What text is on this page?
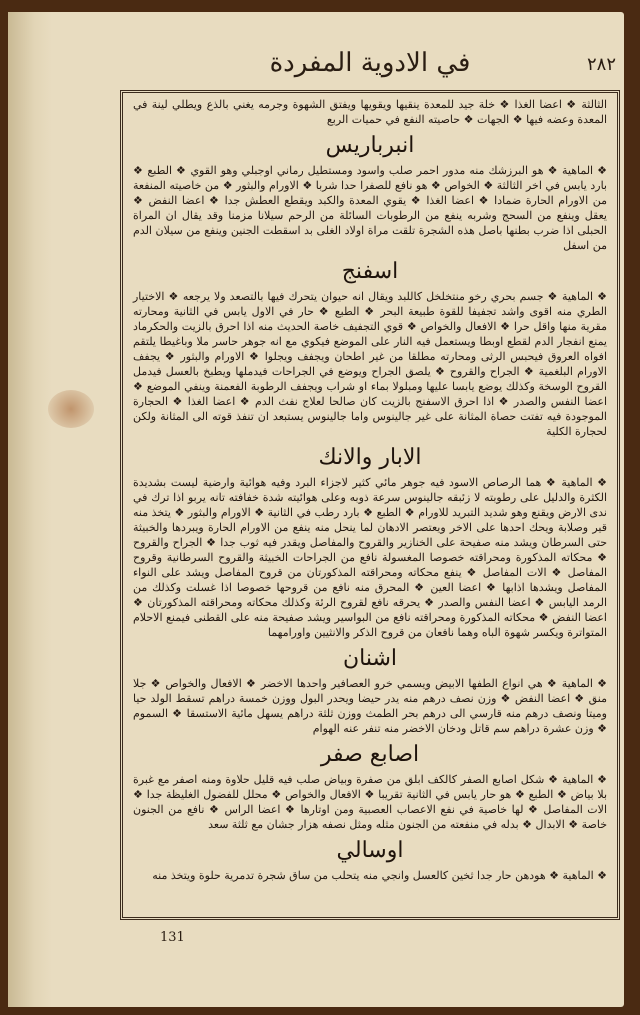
في الادوية المفردة	٢٨٢

الثالثة ❖ اعضا الغذا ❖ خلة جيد للمعدة ينقيها ويقويها ويفتق الشهوة وجرمه يغني بالذع ويطلي لينة في المعدة وعضه فيها ❖ الجهات ❖ حاصيته النفع في حميات الربع

انبرباريس

❖ الماهية ❖ هو البرزشك منه مدور احمر صلب واسود ومستطيل رماني اوجبلي وهو القوي ❖ الطبع ❖ بارد يابس في اخر الثالثة ❖ الخواص ❖ هو نافع للصفرا حدا شربا ❖ الاورام والبثور ❖ من خاصيته المنفعة من الاورام الحارة ضمادا ❖ اعضا الغذا ❖ يقوي المعدة والكبد ويقطع العطش جدا ❖ اعضا النفض ❖ يعقل وينفع من السحج وشربه ينفع من الرطوبات السائلة من الرحم سيلانا مزمنا وقد يقال ان المراة الحبلى اذا ضرب بطنها باصل هذه الشجرة تلقت مراة اولاد الغلى بد اسقطت الجنين وينفع من سيلان الدم من اسفل

اسفنج

❖ الماهية ❖ جسم بحري رخو منتخلخل كاللبد ويقال انه حيوان يتحرك فيها بالتصعد ولا يرجعه ❖ الاختيار الطري منه اقوى واشد تجفيفا للقوة طبيعة البحر ❖ الطبع ❖ حار في الاول يابس في الثانية ومحارته مقرية منها واقل حرا ❖ الافعال والخواص ❖ قوي التجفيف خاصة الحديث منه اذا احرق بالزيت والحكرماد يمنع انفجار الدم لقطع اوبطا ويستعمل فيه النار على الموضع فيكوي مع انه جوهر حاسر ملا وباغيطا يلتقم افواه العروق فيحبس الرثى ومحارته مطلقا من غير اطحان ويجفف ويجلوا ❖ الاورام والبثور ❖ يجفف الاورام البلغمية ❖ الجراح والقروح ❖ يلصق الجراح ويوضع في الجراحات فيدملها ويطبخ بالعسل فيدمل القروح الوسخة وكذلك يوضع يابسا عليها ومبلولا بماء او شراب ويجفف الرطوبة الفعمنة وينفي الموضع ❖ اعضا النفس والصدر ❖ اذا احرق الاسفنج بالزيت كان صالحا لعلاج نفث الدم ❖ اعضا الغذا ❖ الحجارة الموجودة فيه تفتت حصاة المثانة على غير جالينوس واما جالينوس يستبعد ان تنفذ قوته الى المثانة ولكن لحجارة الكلية

الابار والانك

❖ الماهية ❖ هما الرصاص الاسود فيه جوهر مائي كثير لاجزاء البرد وفيه هوائية وارضية ليست بشديدة الكثرة والدليل على رطوبته لا زئبقه جالينوس سرعة ذوبه وعلى هوائيته شدة خفافته تانه يربو اذا ترك في ندى الارض ويقنع وهو شديد التبريد للاورام ❖ الطبع ❖ بارد رطب في الثانية ❖ الاورام والبثور ❖ يتخذ منه قير وصلابة ويحك احدها على الاخر ويعتصر الادهان لما ينحل منه ينفع من الاورام الحارة ويبردها والخبيثة حتى السرطان ويشد منه صفيحة على الخنازير والقروح والمفاصل ويقدر فيه ثوب جدا ❖ الجراح والقروح ❖ محكاته المذكورة ومحراقته خصوصا المغسولة نافع من الجراحات الخبيثة والقروح السرطانية وقروح المفاصل ❖ الات المفاصل ❖ ينفع محكاته ومحراقته المذكورتان من قروح المفاصل ويشد على النواء المفاصل ويشدها اذابها ❖ اعضا العين ❖ المحرق منه نافع من قروحها خصوصا اذا غسلت وكذلك من الرمد اليابس ❖ اعضا النفس والصدر ❖ يحرقه نافع لقروح الرئة وكذلك محكاته ومحراقته المذكورتان ❖ اعضا النفض ❖ محكاته المذكورة ومحراقته نافع من البواسير ويشد صفيحة منه على القطنى فيمنع الاحلام المتواترة ويكسر شهوة الباه وهما نافعان من قروح الذكر والانثيين واورامهما

اشنان

❖ الماهية ❖ هي انواع الطفها الابيض ويسمي خرو العصافير واحدها الاخضر ❖ الافعال والخواص ❖ جلا منق ❖ اعضا النفض ❖ وزن نصف درهم منه يدر حيضا ويحدر البول ووزن خمسة دراهم تسقط الولد حيا وميتا ونصف درهم منه قارسي الى درهم بحر الطمث ووزن ثلثة دراهم يسهل مائية الاستسقا ❖ السموم ❖ وزن عشرة دراهم سم قاتل ودخان الاخضر منه تنفر عنه الهوام

اصابع صفر

❖ الماهية ❖ شكل اصابع الصفر كالكف ابلق من صفرة وبياض صلب فيه قليل حلاوة ومنه اصفر مع غبرة بلا بياض ❖ الطبع ❖ هو حار يابس في الثانية تقريبا ❖ الافعال والخواص ❖ محلل للفضول الغليظة جدا ❖ الات المفاصل ❖ لها خاصية في نفع الاعصاب العصبية ومن اوتارها ❖ اعضا الراس ❖ نافع من الجنون خاصة ❖ الابدال ❖ بدله في منفعته من الجنون مثله ومثل نصفه هزار جشان مع ثلثة سعد

اوسالي

❖ الماهية ❖ هودهن حار جدا ثخين كالعسل وانجي منه يتحلب من ساق شجرة تدمرية حلوة ويتخذ منه

131
